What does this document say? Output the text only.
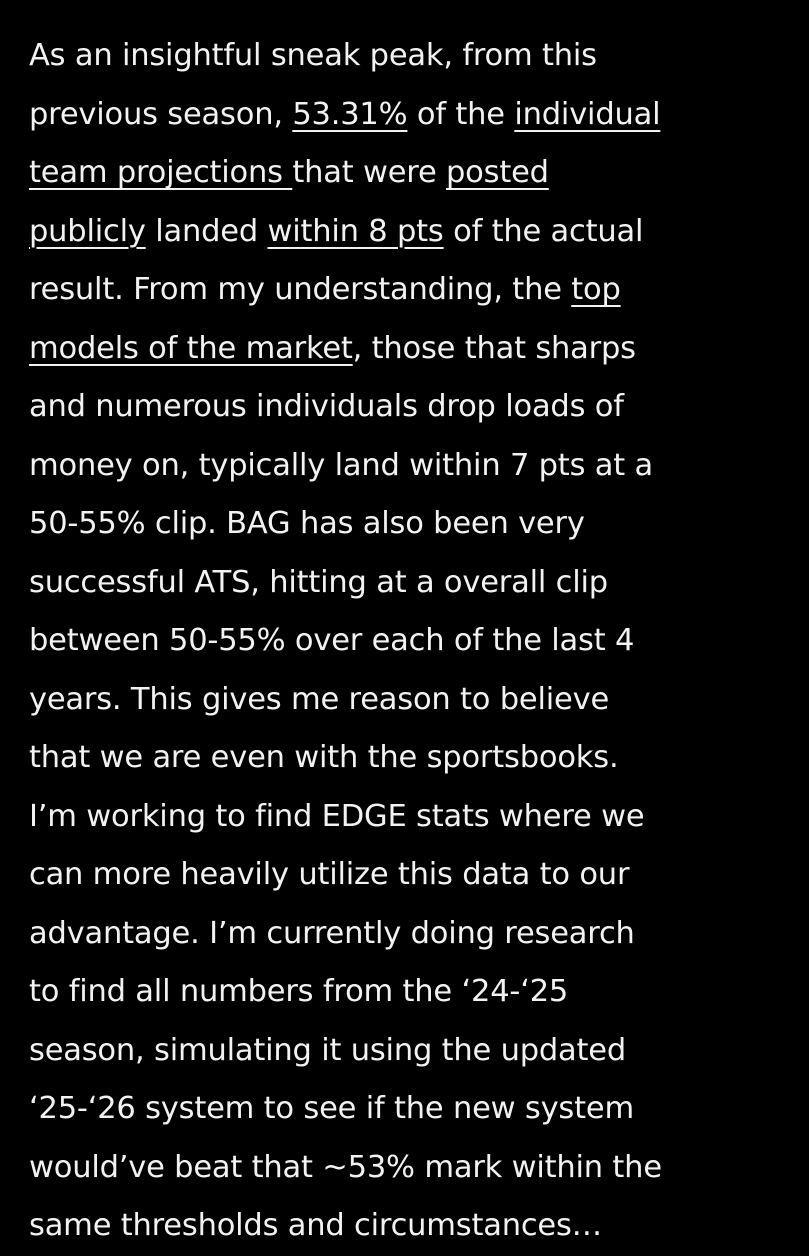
As an insightful sneak peak, from this
previous season, 53.31% of the individual
team projections that were posted
publicly landed within 8 pts of the actual
result. From my understanding, the top
models of the market, those that sharps
and numerous individuals drop loads of
money on, typically land within 7 pts at a
50-55% clip. BAG has also been very
successful ATS, hitting at a overall clip
between 50-55% over each of the last 4
years. This gives me reason to believe
that we are even with the sportsbooks.
I’m working to find EDGE stats where we
can more heavily utilize this data to our
advantage. I’m currently doing research
to find all numbers from the ‘24-‘25
season, simulating it using the updated
‘25-‘26 system to see if the new system
would’ve beat that ~53% mark within the
same thresholds and circumstances…
